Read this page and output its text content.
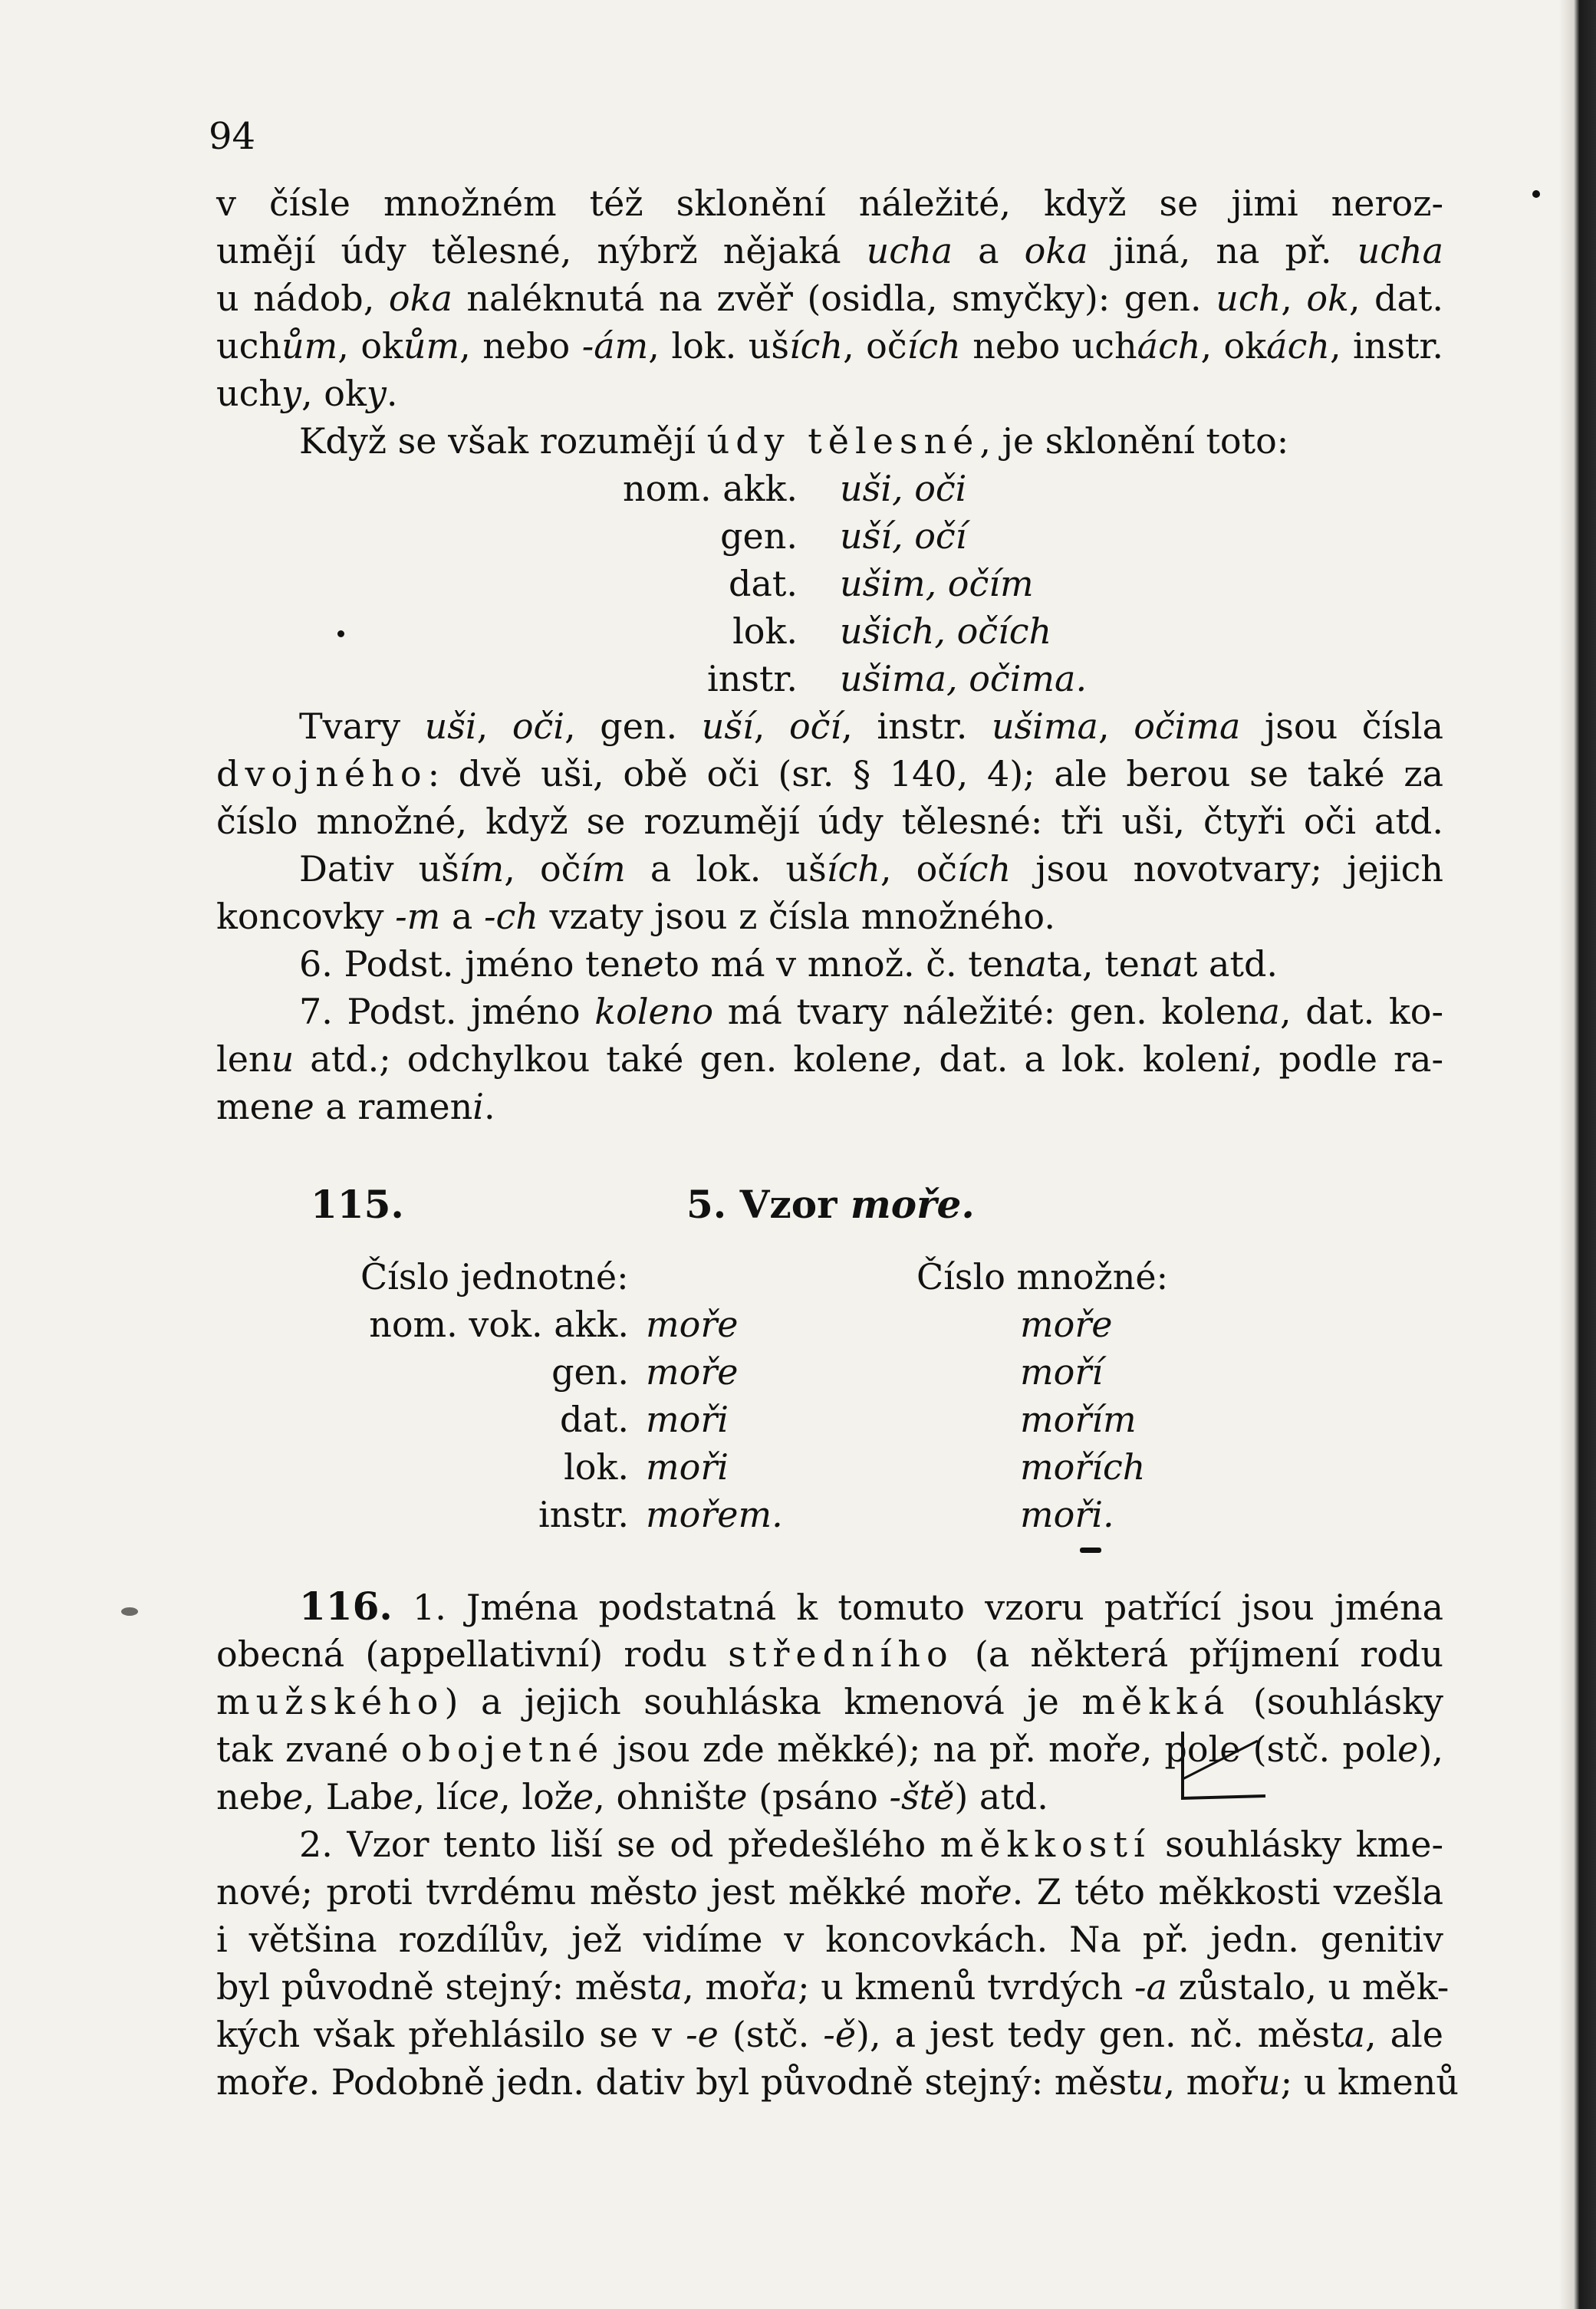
94
v čísle množném též sklonění náležité, když se jimi neroz-
umějí údy tělesné, nýbrž nějaká ucha a oka jiná, na př. ucha
u nádob, oka naléknutá na zvěř (osidla, smyčky): gen. uch, ok, dat.
uchům, okům, nebo -ám, lok. uších, očích nebo uchách, okách, instr.
uchy, oky.
Když se však rozumějí údy tělesné, je sklonění toto:
nom. akk. uši, oči
gen. uší, očí
dat. ušim, očím
lok. ušich, očích
instr. ušima, očima.
Tvary uši, oči, gen. uší, očí, instr. ušima, očima jsou čísla
dvojného: dvě uši, obě oči (sr. § 140, 4); ale berou se také za
číslo množné, když se rozumějí údy tělesné: tři uši, čtyři oči atd.
Dativ uším, očím a lok. uších, očích jsou novotvary; jejich
koncovky -m a -ch vzaty jsou z čísla množného.
6. Podst. jméno teneto má v množ. č. tenata, tenat atd.
7. Podst. jméno koleno má tvary náležité: gen. kolena, dat. ko-
lenu atd.; odchylkou také gen. kolene, dat. a lok. koleni, podle ra-
mene a rameni.
115.	5. Vzor moře.
Číslo jednotné:	Číslo množné:
nom. vok. akk. moře	moře
gen. moře	moří
dat. moři	mořím
lok. moři	mořích
instr. mořem.	moři.
116. 1. Jména podstatná k tomuto vzoru patřící jsou jména
obecná (appellativní) rodu středního (a některá příjmení rodu
mužského) a jejich souhláska kmenová je měkká (souhlásky
tak zvané obojetné jsou zde měkké); na př. moře, pole (stč. pole),
nebe, Labe, líce, lože, ohnište (psáno -ště) atd.
2. Vzor tento liší se od předešlého měkkostí souhlásky kme-
nové; proti tvrdému město jest měkké moře. Z této měkkosti vzešla
i většina rozdílův, jež vidíme v koncovkách. Na př. jedn. genitiv
byl původně stejný: města, mořa; u kmenů tvrdých -a zůstalo, u měk-
kých však přehlásilo se v -e (stč. -ě), a jest tedy gen. nč. města, ale
moře. Podobně jedn. dativ byl původně stejný: městu, mořu; u kmenů
